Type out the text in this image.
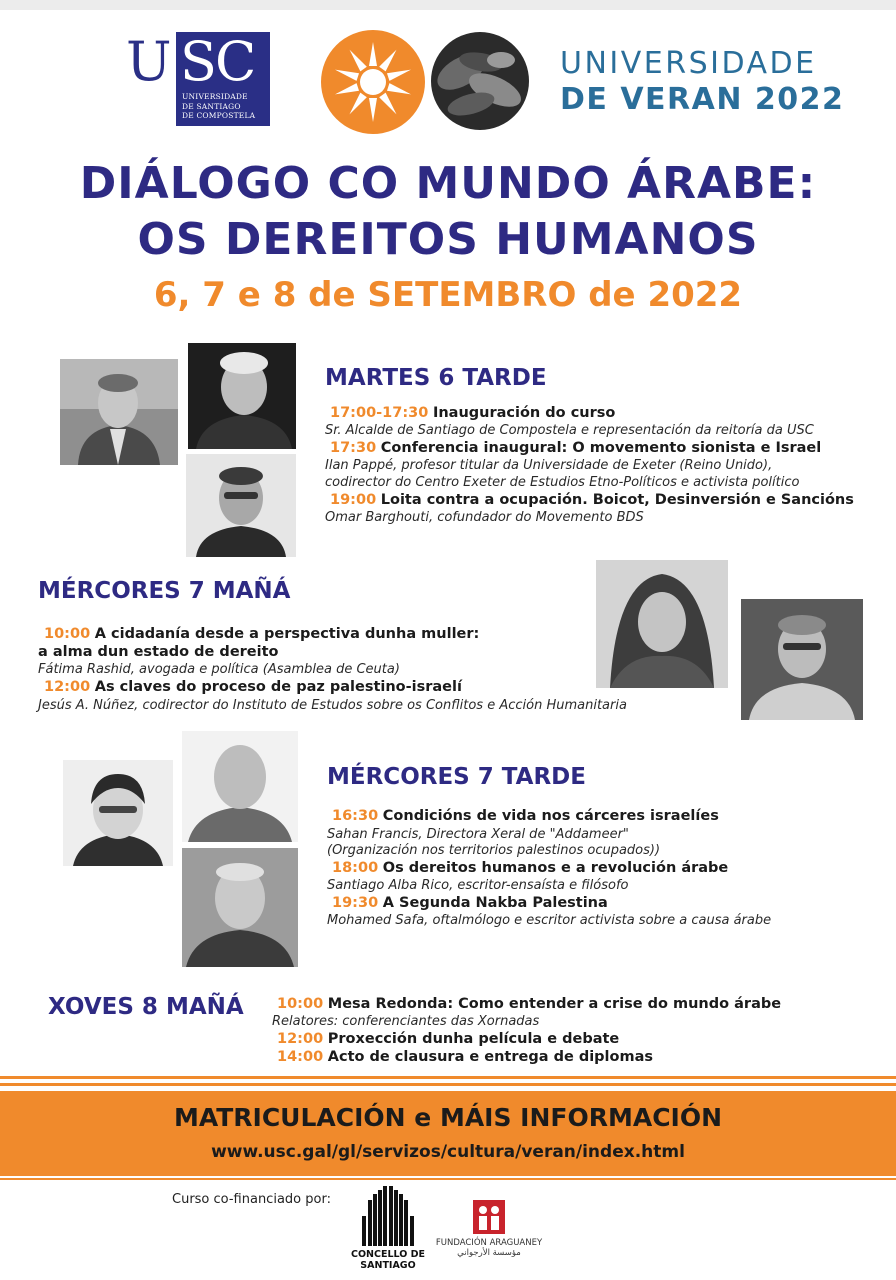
U SC
UNIVERSIDADE
DE SANTIAGO
DE COMPOSTELA
UNIVERSIDADE
DE VERAN 2022
DIÁLOGO CO MUNDO ÁRABE:
OS DEREITOS HUMANOS
6, 7 e 8 de SETEMBRO de 2022
MARTES 6 TARDE
17:00-17:30 Inauguración do curso
Sr. Alcalde de Santiago de Compostela e representación da reitoría da USC
17:30 Conferencia inaugural: O movemento sionista e Israel
Ilan Pappé, profesor titular da Universidade de Exeter (Reino Unido),
codirector do Centro Exeter de Estudios Etno-Políticos e activista político
19:00 Loita contra a ocupación. Boicot, Desinversión e Sancións
Omar Barghouti, cofundador do Movemento BDS
MÉRCORES 7 MAÑÁ
10:00 A cidadanía desde a perspectiva dunha muller:
a alma dun estado de dereito
Fátima Rashid, avogada e política (Asamblea de Ceuta)
12:00 As claves do proceso de paz palestino-israelí
Jesús A. Núñez, codirector do Instituto de Estudos sobre os Conflitos e Acción Humanitaria
MÉRCORES 7 TARDE
16:30 Condicións de vida nos cárceres israelíes
Sahan Francis, Directora Xeral de "Addameer"
(Organización nos territorios palestinos ocupados))
18:00 Os dereitos humanos e a revolución árabe
Santiago Alba Rico, escritor-ensaísta e filósofo
19:30 A Segunda Nakba Palestina
Mohamed Safa, oftalmólogo e escritor activista sobre a causa árabe
XOVES 8 MAÑÁ 10:00 Mesa Redonda: Como entender a crise do mundo árabe
Relatores: conferenciantes das Xornadas
12:00 Proxección dunha película e debate
14:00 Acto de clausura e entrega de diplomas
MATRICULACIÓN e MÁIS INFORMACIÓN
www.usc.gal/gl/servizos/cultura/veran/index.html
Curso co-financiado por:
CONCELLO DE
SANTIAGO
FUNDACIÓN ARAGUANEY
مؤسسة الأرجواني
